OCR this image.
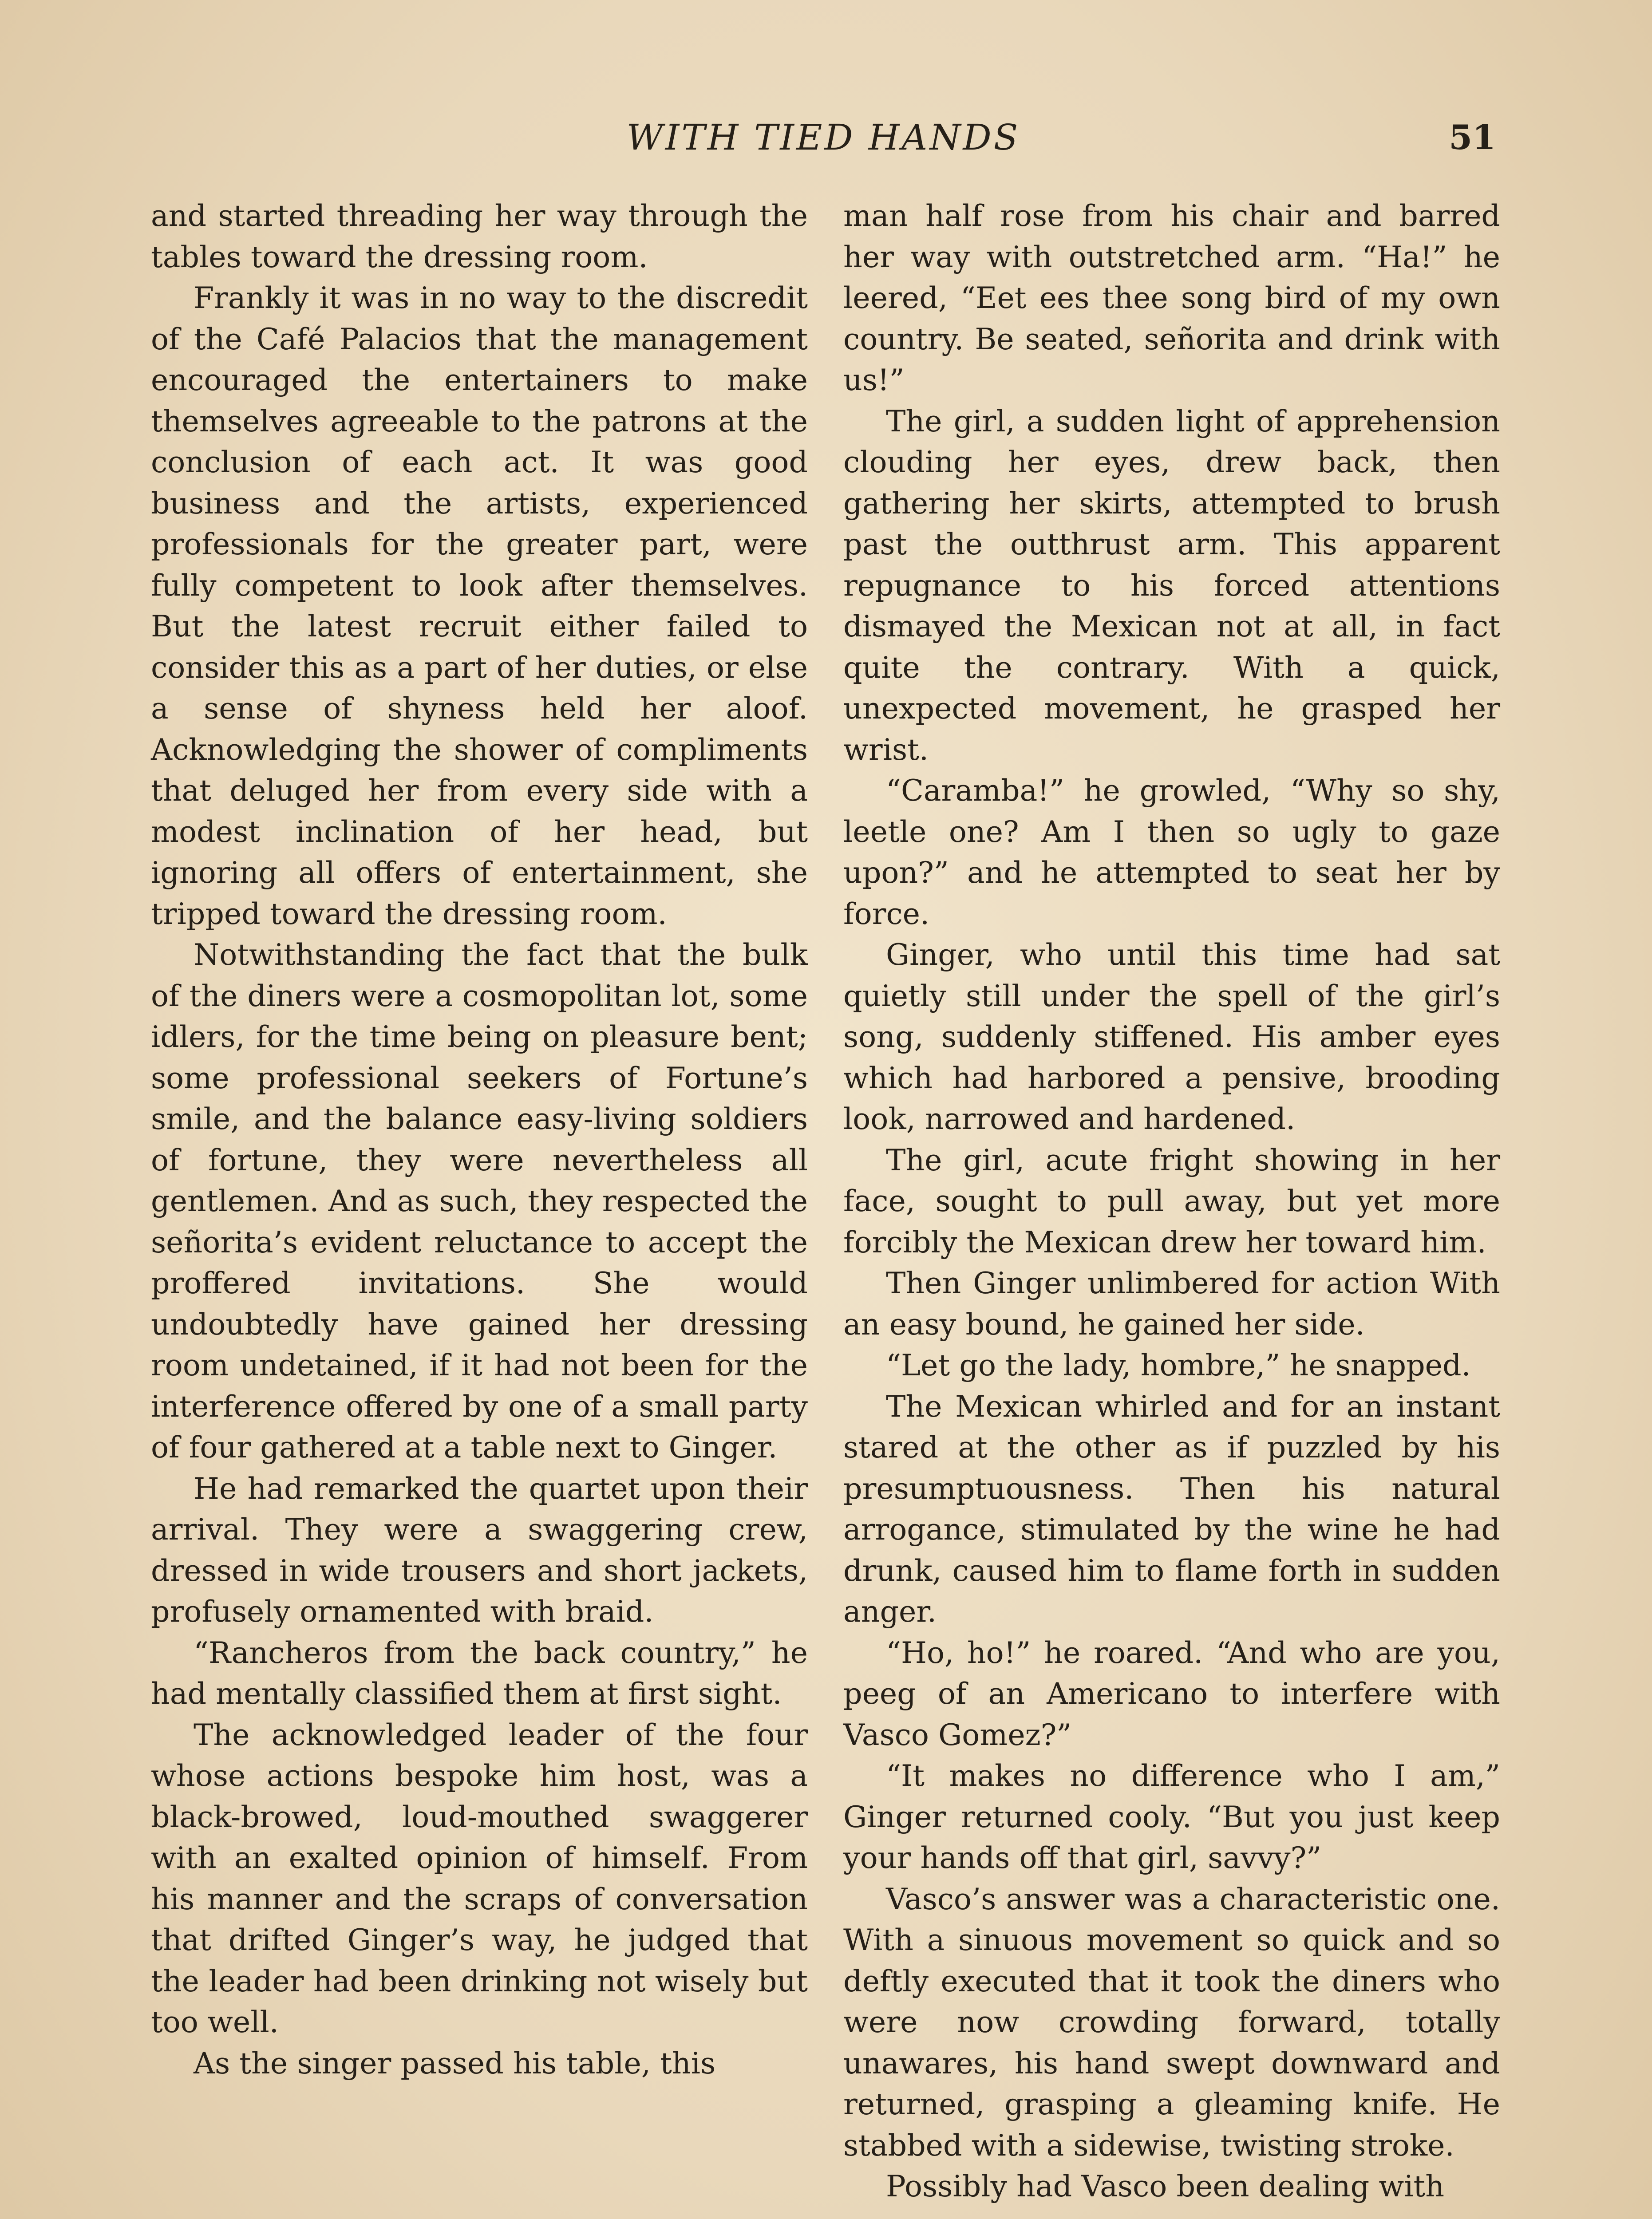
WITH TIED HANDS	51

and started threading her way through the tables toward the dressing room.

Frankly it was in no way to the discredit of the Café Palacios that the management encouraged the entertainers to make themselves agreeable to the patrons at the conclusion of each act. It was good business and the artists, experienced professionals for the greater part, were fully competent to look after themselves. But the latest recruit either failed to consider this as a part of her duties, or else a sense of shyness held her aloof. Acknowledging the shower of compliments that deluged her from every side with a modest inclination of her head, but ignoring all offers of entertainment, she tripped toward the dressing room.

Notwithstanding the fact that the bulk of the diners were a cosmopolitan lot, some idlers, for the time being on pleasure bent; some professional seekers of Fortune’s smile, and the balance easy-living soldiers of fortune, they were nevertheless all gentlemen. And as such, they respected the señorita’s evident reluctance to accept the proffered invitations. She would undoubtedly have gained her dressing room undetained, if it had not been for the interference offered by one of a small party of four gathered at a table next to Ginger.

He had remarked the quartet upon their arrival. They were a swaggering crew, dressed in wide trousers and short jackets, profusely ornamented with braid.

“Rancheros from the back country,” he had mentally classified them at first sight.

The acknowledged leader of the four whose actions bespoke him host, was a black-browed, loud-mouthed swaggerer with an exalted opinion of himself. From his manner and the scraps of conversation that drifted Ginger’s way, he judged that the leader had been drinking not wisely but too well.

As the singer passed his table, this

man half rose from his chair and barred her way with outstretched arm. “Ha!” he leered, “Eet ees thee song bird of my own country. Be seated, señorita and drink with us!”

The girl, a sudden light of apprehension clouding her eyes, drew back, then gathering her skirts, attempted to brush past the outthrust arm. This apparent repugnance to his forced attentions dismayed the Mexican not at all, in fact quite the contrary. With a quick, unexpected movement, he grasped her wrist.

“Caramba!” he growled, “Why so shy, leetle one? Am I then so ugly to gaze upon?” and he attempted to seat her by force.

Ginger, who until this time had sat quietly still under the spell of the girl’s song, suddenly stiffened. His amber eyes which had harbored a pensive, brooding look, narrowed and hardened.

The girl, acute fright showing in her face, sought to pull away, but yet more forcibly the Mexican drew her toward him.

Then Ginger unlimbered for action With an easy bound, he gained her side.

“Let go the lady, hombre,” he snapped.

The Mexican whirled and for an instant stared at the other as if puzzled by his presumptuousness. Then his natural arrogance, stimulated by the wine he had drunk, caused him to flame forth in sudden anger.

“Ho, ho!” he roared. “And who are you, peeg of an Americano to interfere with Vasco Gomez?”

“It makes no difference who I am,” Ginger returned cooly. “But you just keep your hands off that girl, savvy?”

Vasco’s answer was a characteristic one. With a sinuous movement so quick and so deftly executed that it took the diners who were now crowding forward, totally unawares, his hand swept downward and returned, grasping a gleaming knife. He stabbed with a sidewise, twisting stroke.

Possibly had Vasco been dealing with
